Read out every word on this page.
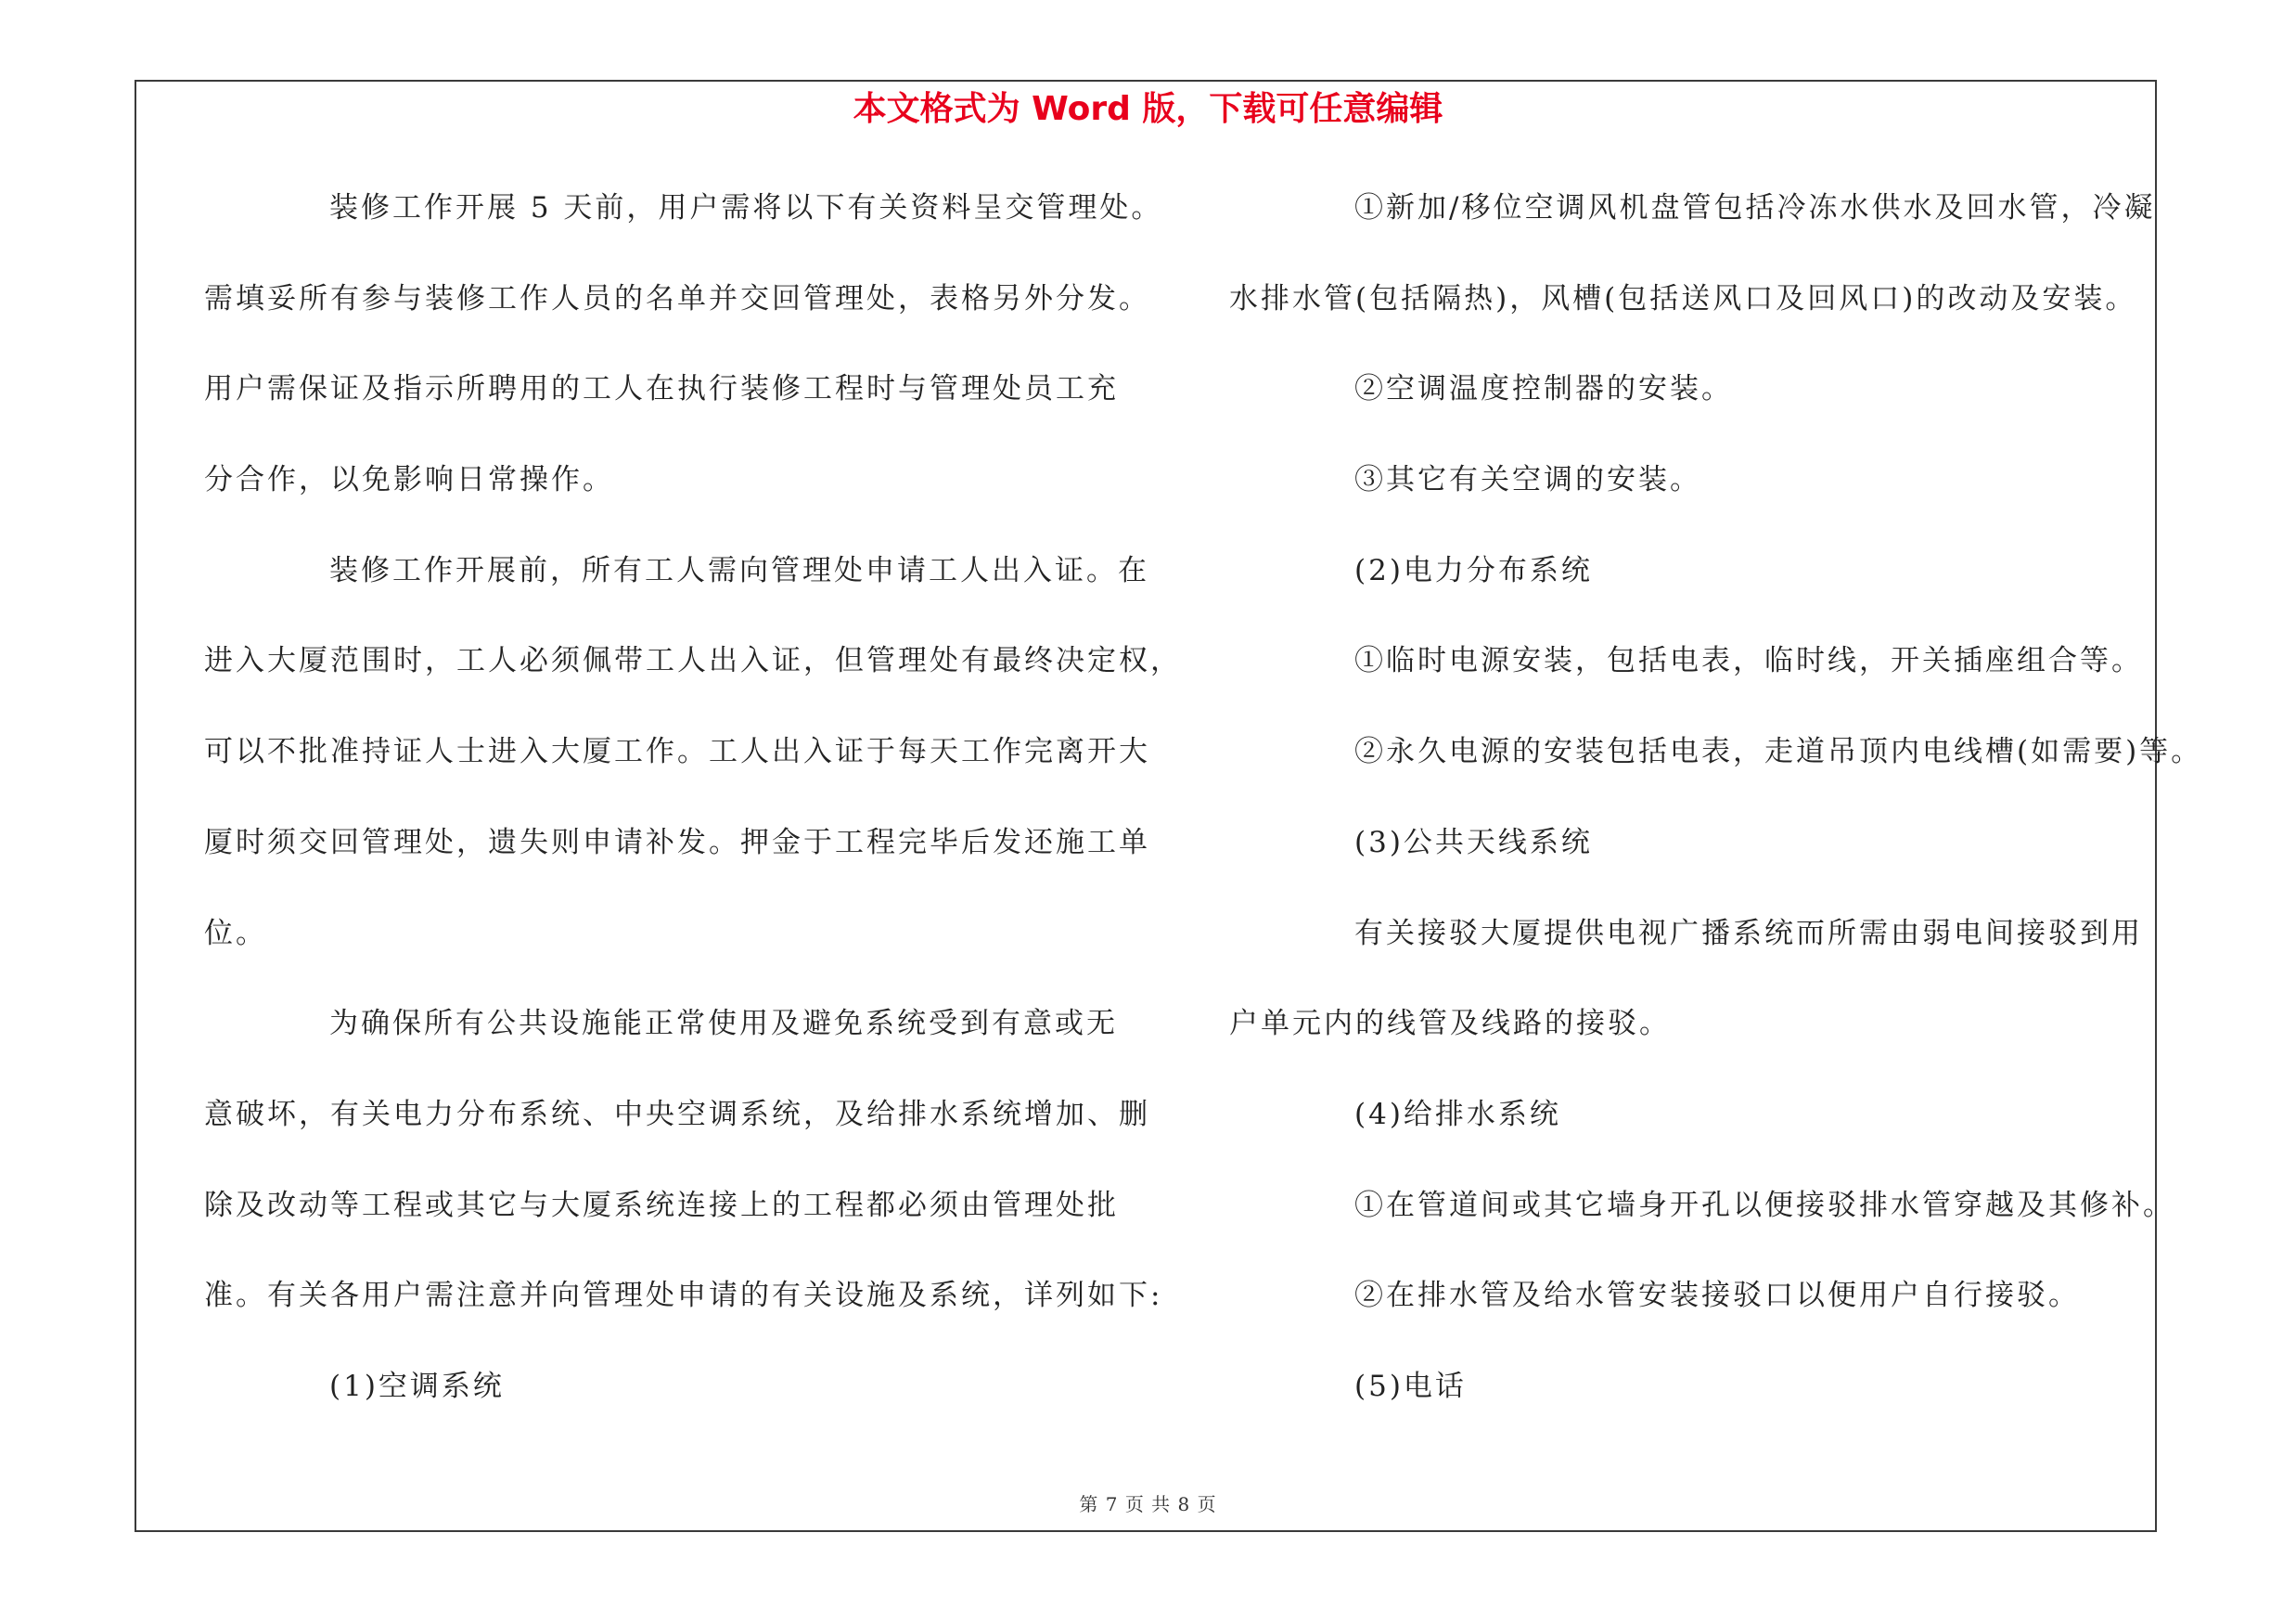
本文格式为 Word 版，下载可任意编辑
装修工作开展 5 天前，用户需将以下有关资料呈交管理处。
需填妥所有参与装修工作人员的名单并交回管理处，表格另外分发。
用户需保证及指示所聘用的工人在执行装修工程时与管理处员工充
分合作，以免影响日常操作。
装修工作开展前，所有工人需向管理处申请工人出入证。在
进入大厦范围时，工人必须佩带工人出入证，但管理处有最终决定权，
可以不批准持证人士进入大厦工作。工人出入证于每天工作完离开大
厦时须交回管理处，遗失则申请补发。押金于工程完毕后发还施工单
位。
为确保所有公共设施能正常使用及避免系统受到有意或无
意破坏，有关电力分布系统、中央空调系统，及给排水系统增加、删
除及改动等工程或其它与大厦系统连接上的工程都必须由管理处批
准。有关各用户需注意并向管理处申请的有关设施及系统，详列如下:
(1)空调系统
①新加/移位空调风机盘管包括冷冻水供水及回水管，冷凝
水排水管(包括隔热)，风槽(包括送风口及回风口)的改动及安装。
②空调温度控制器的安装。
③其它有关空调的安装。
(2)电力分布系统
①临时电源安装，包括电表，临时线，开关插座组合等。
②永久电源的安装包括电表，走道吊顶内电线槽(如需要)等。
(3)公共天线系统
有关接驳大厦提供电视广播系统而所需由弱电间接驳到用
户单元内的线管及线路的接驳。
(4)给排水系统
①在管道间或其它墙身开孔以便接驳排水管穿越及其修补。
②在排水管及给水管安装接驳口以便用户自行接驳。
(5)电话
第 7 页 共 8 页
